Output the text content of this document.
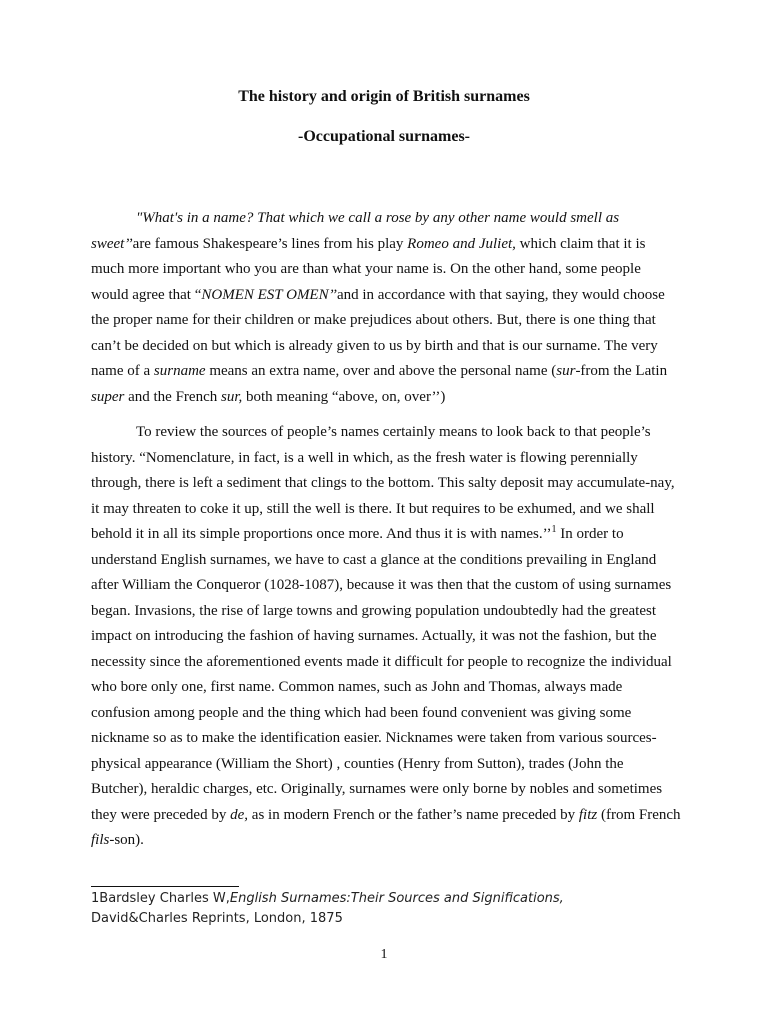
The history and origin of British surnames
-Occupational surnames-

"What's in a name? That which we call a rose by any other name would smell as sweet’’are famous Shakespeare’s lines from his play Romeo and Juliet, which claim that it is much more important who you are than what your name is. On the other hand, some people would agree that “NOMEN EST OMEN’’and in accordance with that saying, they would choose the proper name for their children or make prejudices about others. But, there is one thing that can’t be decided on but which is already given to us by birth and that is our surname. The very name of a surname means an extra name, over and above the personal name (sur-from the Latin super and the French sur, both meaning “above, on, over’’)

To review the sources of people’s names certainly means to look back to that people’s history. “Nomenclature, in fact, is a well in which, as the fresh water is flowing perennially through, there is left a sediment that clings to the bottom. This salty deposit may accumulate-nay, it may threaten to coke it up, still the well is there. It but requires to be exhumed, and we shall behold it in all its simple proportions once more. And thus it is with names.’’$^1$ In order to understand English surnames, we have to cast a glance at the conditions prevailing in England after William the Conqueror (1028-1087), because it was then that the custom of using surnames began. Invasions, the rise of large towns and growing population undoubtedly had the greatest impact on introducing the fashion of having surnames. Actually, it was not the fashion, but the necessity since the aforementioned events made it difficult for people to recognize the individual who bore only one, first name. Common names, such as John and Thomas, always made confusion among people and the thing which had been found convenient was giving some nickname so as to make the identification easier. Nicknames were taken from various sources- physical appearance (William the Short) , counties (Henry from Sutton), trades (John the Butcher), heraldic charges, etc. Originally, surnames were only borne by nobles and sometimes they were preceded by de, as in modern French or the father’s name preceded by fitz (from French fils-son).

1Bardsley Charles W,English Surnames:Their Sources and Significations, David&Charles Reprints, London, 1875
1
